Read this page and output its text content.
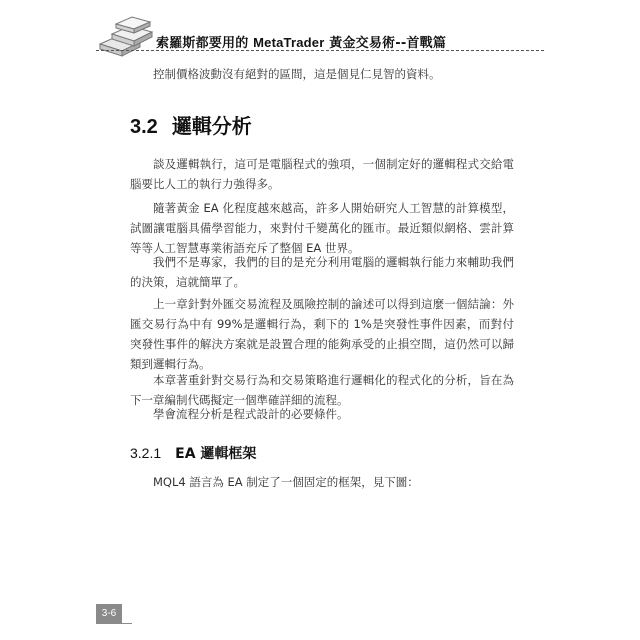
索羅斯都要用的 MetaTrader 黃金交易術--首戰篇

控制價格波動沒有絕對的區間，這是個見仁見智的資料。

3.2 邏輯分析

談及邏輯執行，這可是電腦程式的強項，一個制定好的邏輯程式交給電腦要比人工的執行力強得多。

隨著黃金 EA 化程度越來越高，許多人開始研究人工智慧的計算模型，試圖讓電腦具備學習能力，來對付千變萬化的匯市。最近類似網格、雲計算等等人工智慧專業術語充斥了整個 EA 世界。

我們不是專家，我們的目的是充分利用電腦的邏輯執行能力來輔助我們的決策，這就簡單了。

上一章針對外匯交易流程及風險控制的論述可以得到這麼一個結論：外匯交易行為中有 99%是邏輯行為，剩下的 1%是突發性事件因素，而對付突發性事件的解決方案就是設置合理的能夠承受的止損空間，這仍然可以歸類到邏輯行為。

本章著重針對交易行為和交易策略進行邏輯化的程式化的分析，旨在為下一章編制代碼擬定一個準確詳細的流程。

學會流程分析是程式設計的必要條件。

3.2.1 EA 邏輯框架

MQL4 語言為 EA 制定了一個固定的框架，見下圖：

3-6
